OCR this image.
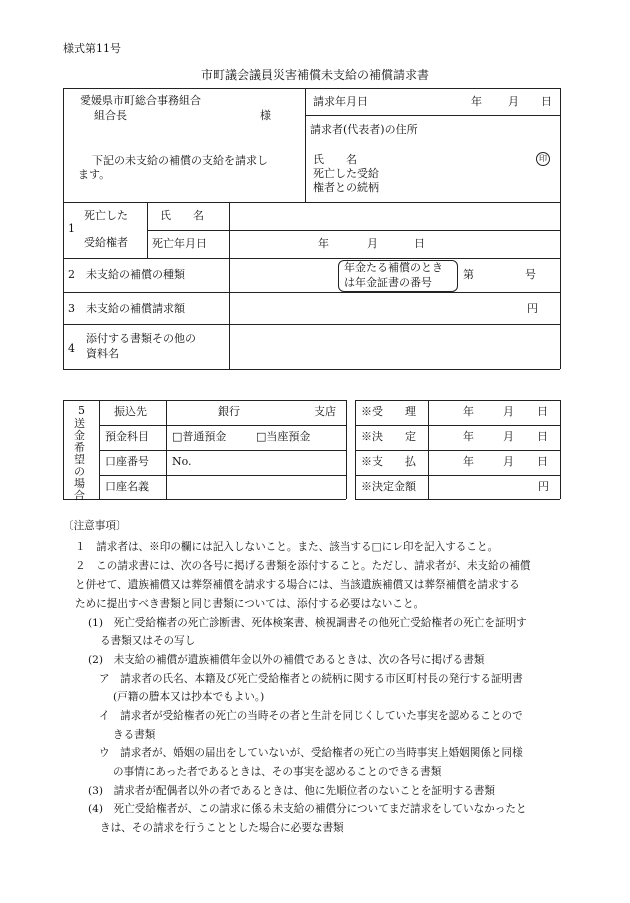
様式第11号
市町議会議員災害補償未支給の補償請求書
愛媛県市町総合事務組合
組合長	様
下記の未支給の補償の支給を請求し
ます。
請求年月日	年 月 日
請求者(代表者)の住所
氏　　名	印
死亡した受給
権者との続柄
1
死亡した
受給権者
氏　　名
死亡年月日	年	月	日
2　未支給の補償の種類
年金たる補償のとき
は年金証書の番号
第	号
3　未支給の補償請求額	円
4
添付する書類その他の
資料名
5
送金希望の場合
振込先	銀行	支店
預金科目 □普通預金	□当座預金
口座番号 No.
口座名義
※受　　理	年	月 日
※決　　定	年	月 日
※支　　払	年	月 日
※決定金額	円
〔注意事項〕
１　請求者は、※印の欄には記入しないこと。また、該当する□にレ印を記入すること。
２　この請求書には、次の各号に掲げる書類を添付すること。ただし、請求者が、未支給の補償
と併せて、遺族補償又は葬祭補償を請求する場合には、当該遺族補償又は葬祭補償を請求する
ために提出すべき書類と同じ書類については、添付する必要はないこと。
(1)　死亡受給権者の死亡診断書、死体検案書、検視調書その他死亡受給権者の死亡を証明す
る書類又はその写し
(2)　未支給の補償が遺族補償年金以外の補償であるときは、次の各号に掲げる書類
ア　請求者の氏名、本籍及び死亡受給権者との続柄に関する市区町村長の発行する証明書
(戸籍の謄本又は抄本でもよい。)
イ　請求者が受給権者の死亡の当時その者と生計を同じくしていた事実を認めることので
きる書類
ウ　請求者が、婚姻の届出をしていないが、受給権者の死亡の当時事実上婚姻関係と同様
の事情にあった者であるときは、その事実を認めることのできる書類
(3)　請求者が配偶者以外の者であるときは、他に先順位者のないことを証明する書類
(4)　死亡受給権者が、この請求に係る未支給の補償分についてまだ請求をしていなかったと
きは、その請求を行うこととした場合に必要な書類
